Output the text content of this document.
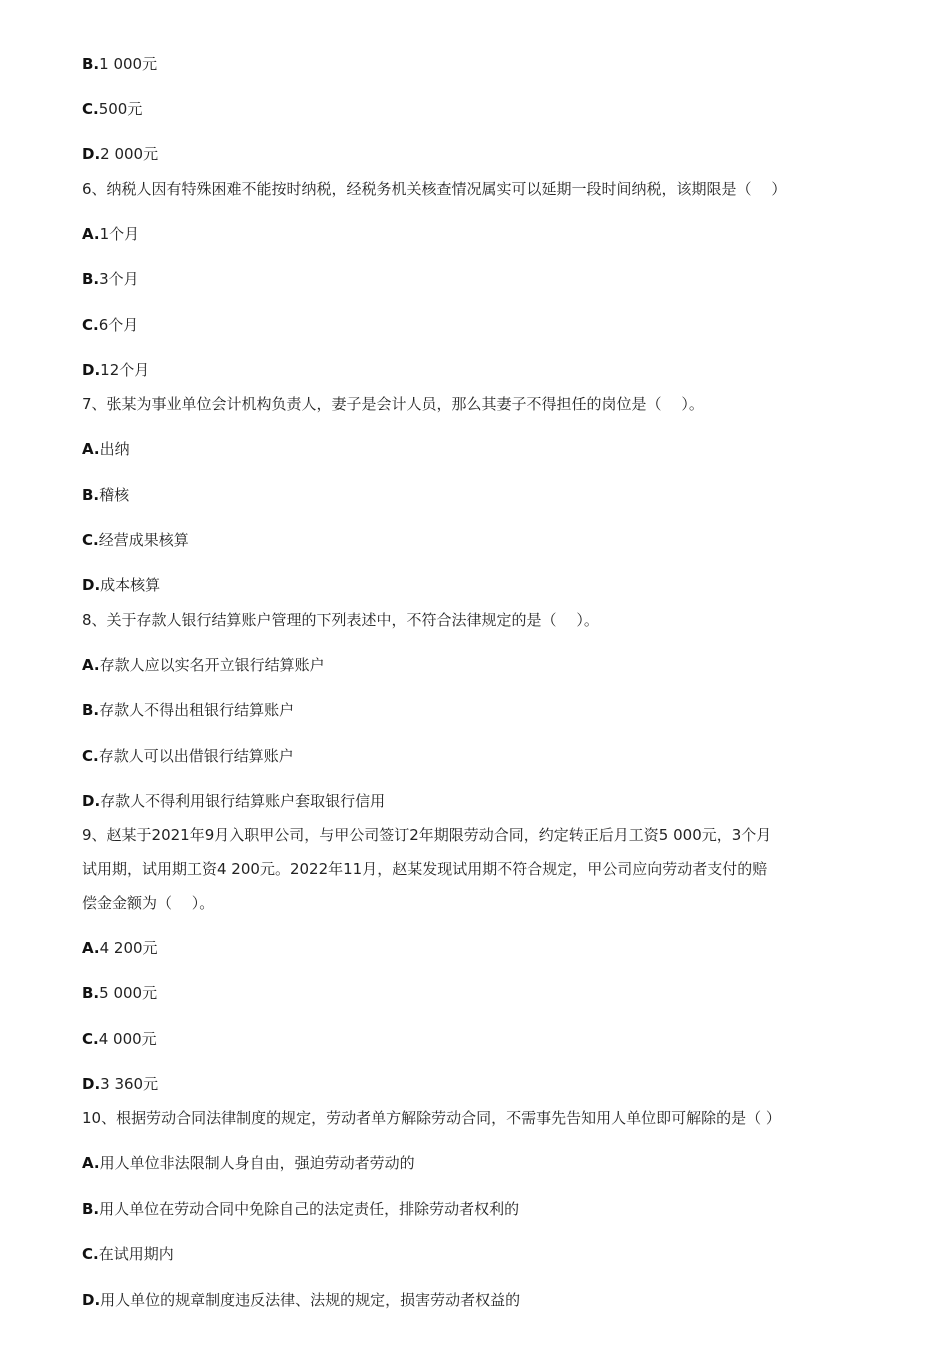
B.1 000元
C.500元
D.2 000元
6、纳税人因有特殊困难不能按时纳税，经税务机关核查情况属实可以延期一段时间纳税，该期限是（　 ）
A.1个月
B.3个月
C.6个月
D.12个月
7、张某为事业单位会计机构负责人，妻子是会计人员，那么其妻子不得担任的岗位是（　 ）。
A.出纳
B.稽核
C.经营成果核算
D.成本核算
8、关于存款人银行结算账户管理的下列表述中，不符合法律规定的是（　 ）。
A.存款人应以实名开立银行结算账户
B.存款人不得出租银行结算账户
C.存款人可以出借银行结算账户
D.存款人不得利用银行结算账户套取银行信用
9、赵某于2021年9月入职甲公司，与甲公司签订2年期限劳动合同，约定转正后月工资5 000元，3个月
试用期，试用期工资4 200元。2022年11月，赵某发现试用期不符合规定，甲公司应向劳动者支付的赔
偿金金额为（　 ）。
A.4 200元
B.5 000元
C.4 000元
D.3 360元
10、根据劳动合同法律制度的规定，劳动者单方解除劳动合同，不需事先告知用人单位即可解除的是（ ）
A.用人单位非法限制人身自由，强迫劳动者劳动的
B.用人单位在劳动合同中免除自己的法定责任，排除劳动者权利的
C.在试用期内
D.用人单位的规章制度违反法律、法规的规定，损害劳动者权益的
